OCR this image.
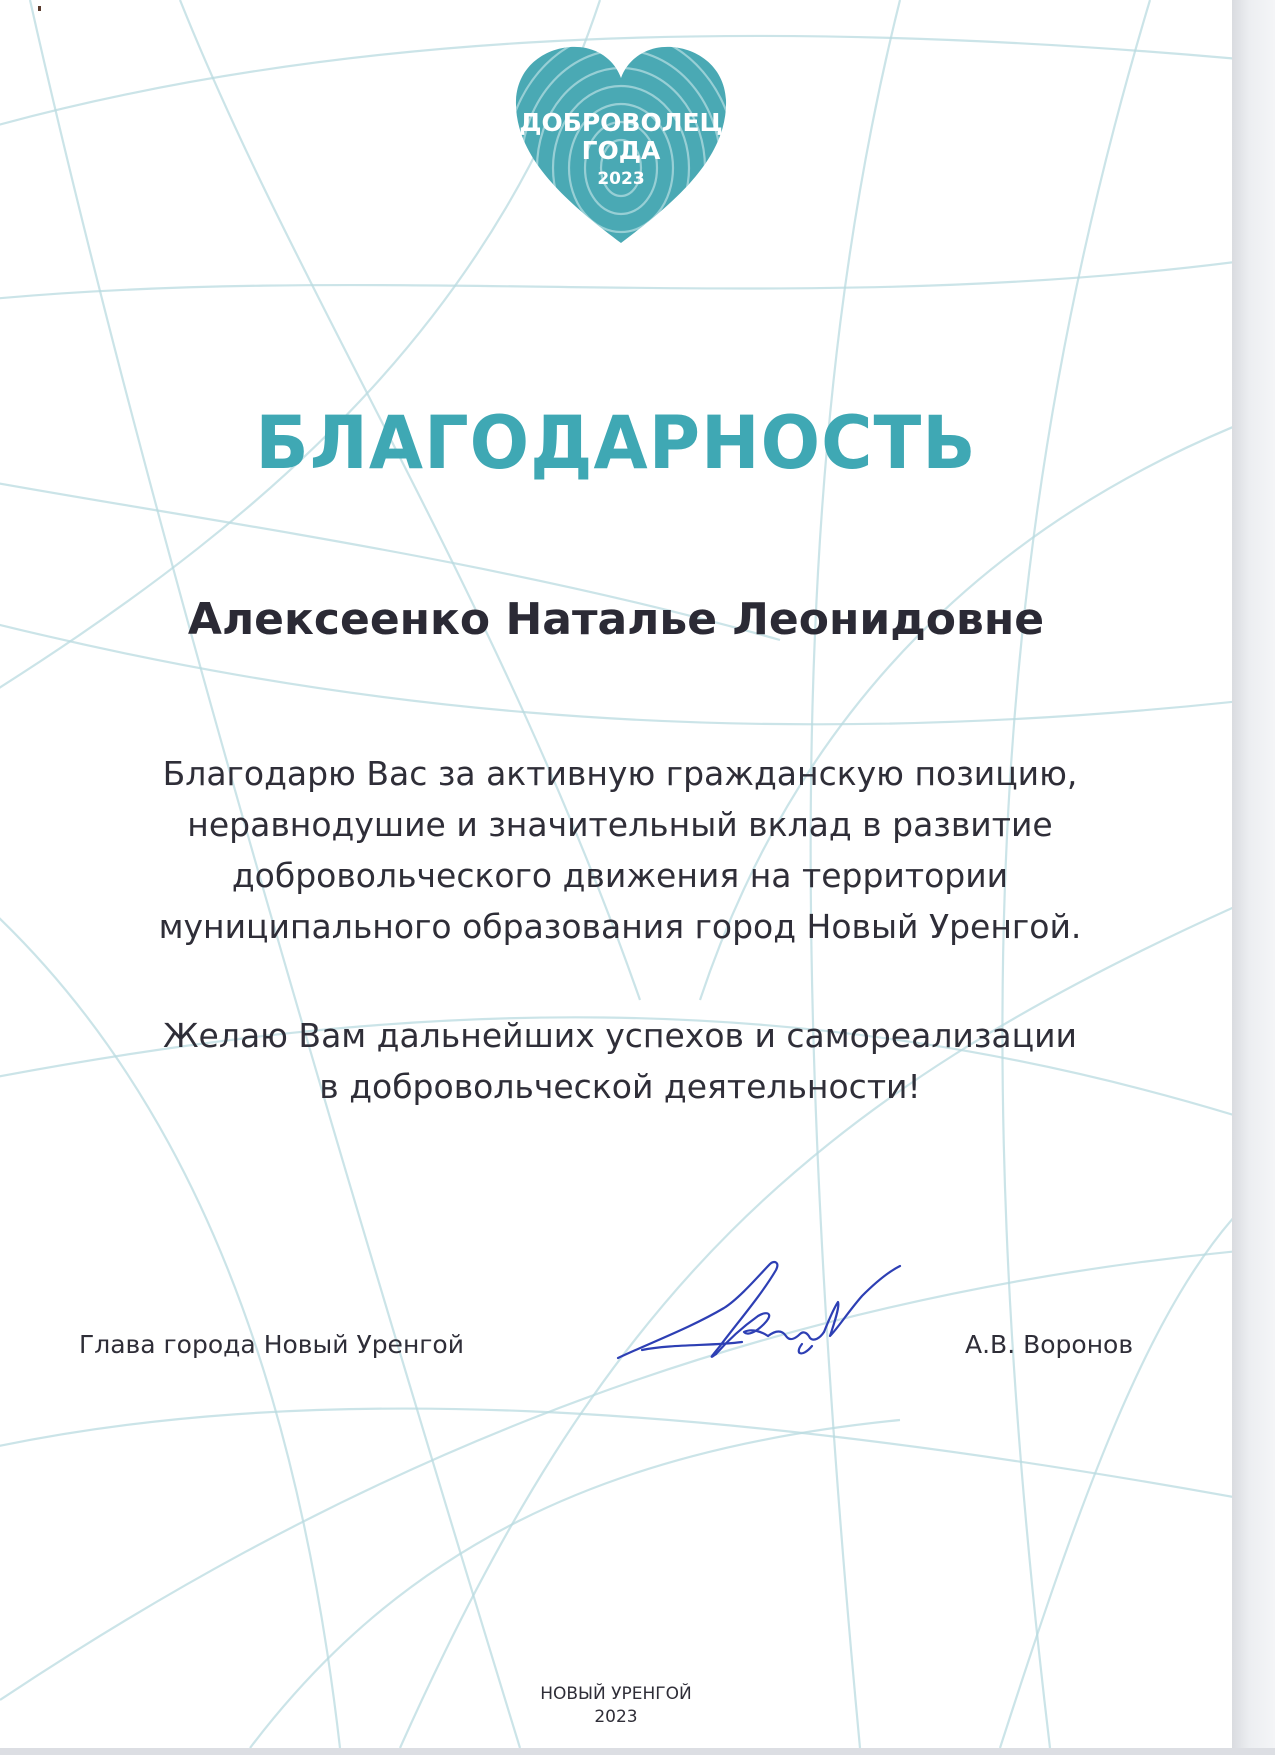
ДОБРОВОЛЕЦ
ГОДА
2023
БЛАГОДАРНОСТЬ
Алексеенко Наталье Леонидовне

Благодарю Вас за активную гражданскую позицию,

неравнодушие и значительный вклад в развитие

добровольческого движения на территории

муниципального образования город Новый Уренгой.

Желаю Вам дальнейших успехов и самореализации

в добровольческой деятельности!

Глава города Новый Уренгой	А.В. Воронов
НОВЫЙ УРЕНГОЙ
2023
